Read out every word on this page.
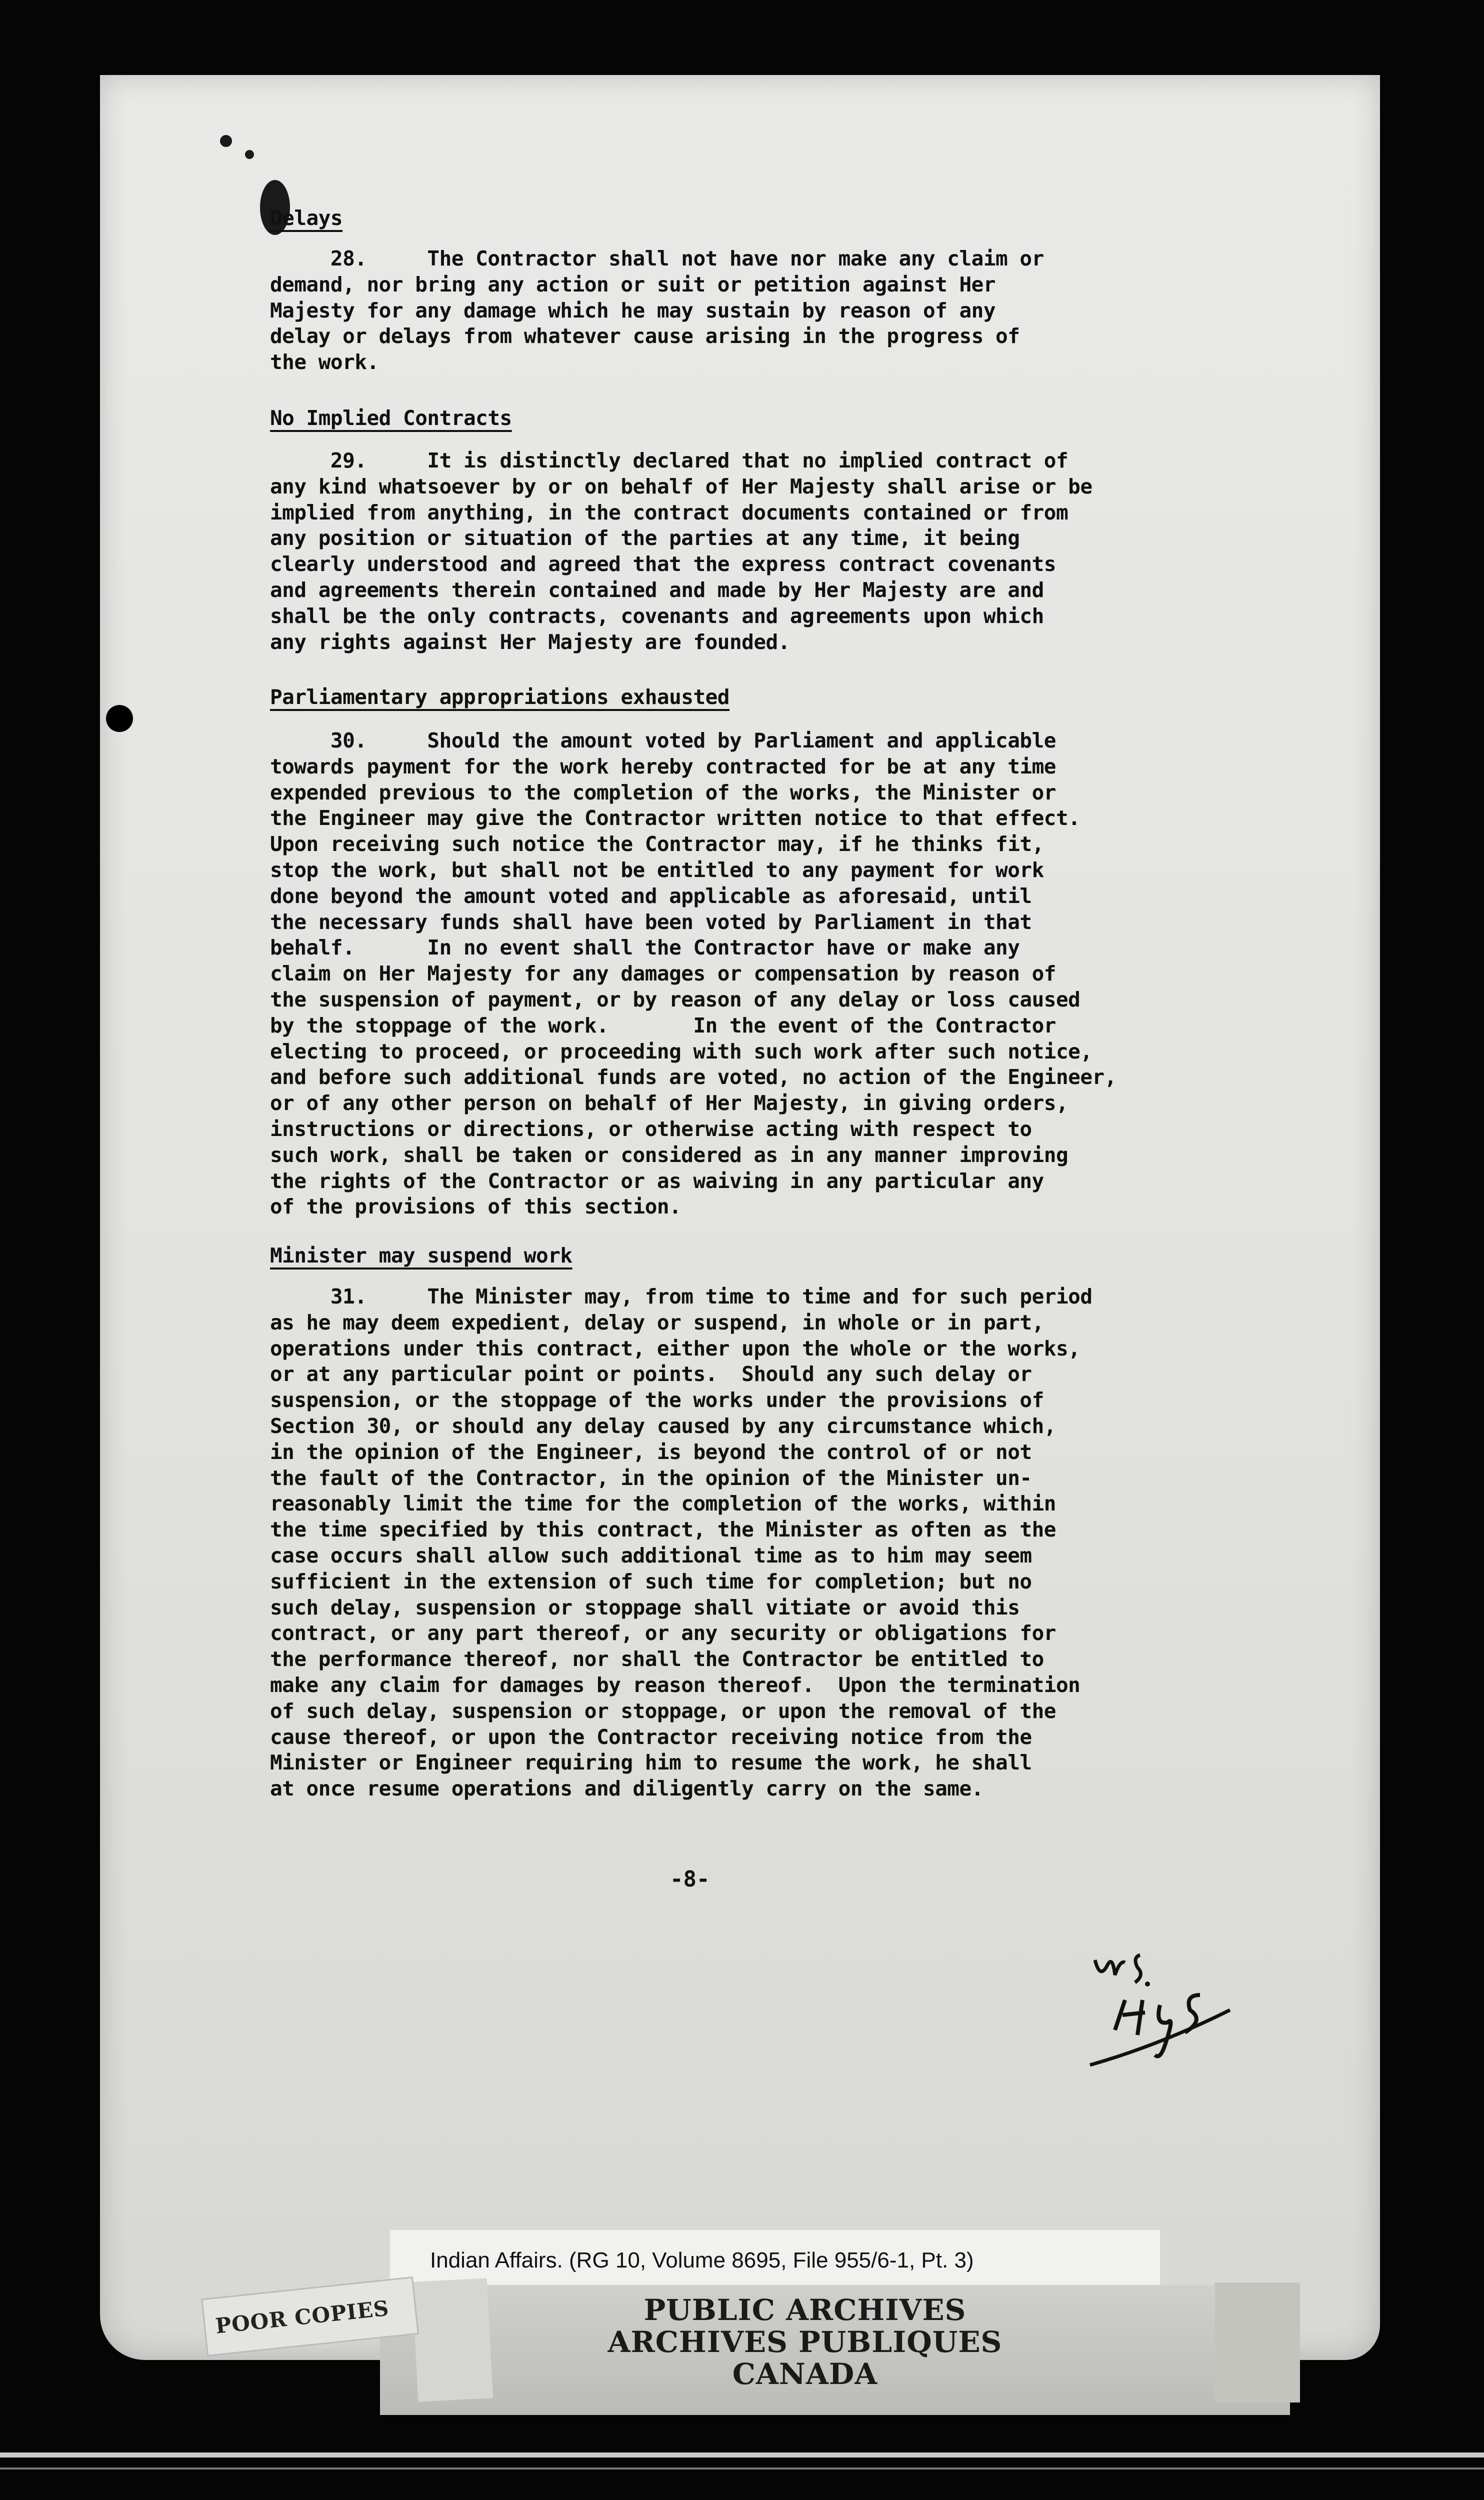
Delays
28.     The Contractor shall not have nor make any claim or
demand, nor bring any action or suit or petition against Her
Majesty for any damage which he may sustain by reason of any
delay or delays from whatever cause arising in the progress of
the work.
No Implied Contracts
29.     It is distinctly declared that no implied contract of
any kind whatsoever by or on behalf of Her Majesty shall arise or be
implied from anything, in the contract documents contained or from
any position or situation of the parties at any time, it being
clearly understood and agreed that the express contract covenants
and agreements therein contained and made by Her Majesty are and
shall be the only contracts, covenants and agreements upon which
any rights against Her Majesty are founded.
Parliamentary appropriations exhausted
30.     Should the amount voted by Parliament and applicable
towards payment for the work hereby contracted for be at any time
expended previous to the completion of the works, the Minister or
the Engineer may give the Contractor written notice to that effect.
Upon receiving such notice the Contractor may, if he thinks fit,
stop the work, but shall not be entitled to any payment for work
done beyond the amount voted and applicable as aforesaid, until
the necessary funds shall have been voted by Parliament in that
behalf.      In no event shall the Contractor have or make any
claim on Her Majesty for any damages or compensation by reason of
the suspension of payment, or by reason of any delay or loss caused
by the stoppage of the work.       In the event of the Contractor
electing to proceed, or proceeding with such work after such notice,
and before such additional funds are voted, no action of the Engineer,
or of any other person on behalf of Her Majesty, in giving orders,
instructions or directions, or otherwise acting with respect to
such work, shall be taken or considered as in any manner improving
the rights of the Contractor or as waiving in any particular any
of the provisions of this section.
Minister may suspend work
31.     The Minister may, from time to time and for such period
as he may deem expedient, delay or suspend, in whole or in part,
operations under this contract, either upon the whole or the works,
or at any particular point or points.  Should any such delay or
suspension, or the stoppage of the works under the provisions of
Section 30, or should any delay caused by any circumstance which,
in the opinion of the Engineer, is beyond the control of or not
the fault of the Contractor, in the opinion of the Minister un-
reasonably limit the time for the completion of the works, within
the time specified by this contract, the Minister as often as the
case occurs shall allow such additional time as to him may seem
sufficient in the extension of such time for completion; but no
such delay, suspension or stoppage shall vitiate or avoid this
contract, or any part thereof, or any security or obligations for
the performance thereof, nor shall the Contractor be entitled to
make any claim for damages by reason thereof.  Upon the termination
of such delay, suspension or stoppage, or upon the removal of the
cause thereof, or upon the Contractor receiving notice from the
Minister or Engineer requiring him to resume the work, he shall
at once resume operations and diligently carry on the same.
-8-
Indian Affairs. (RG 10, Volume 8695, File 955/6-1, Pt. 3)
POOR COPIES	PUBLIC ARCHIVES
ARCHIVES PUBLIQUES
CANADA
